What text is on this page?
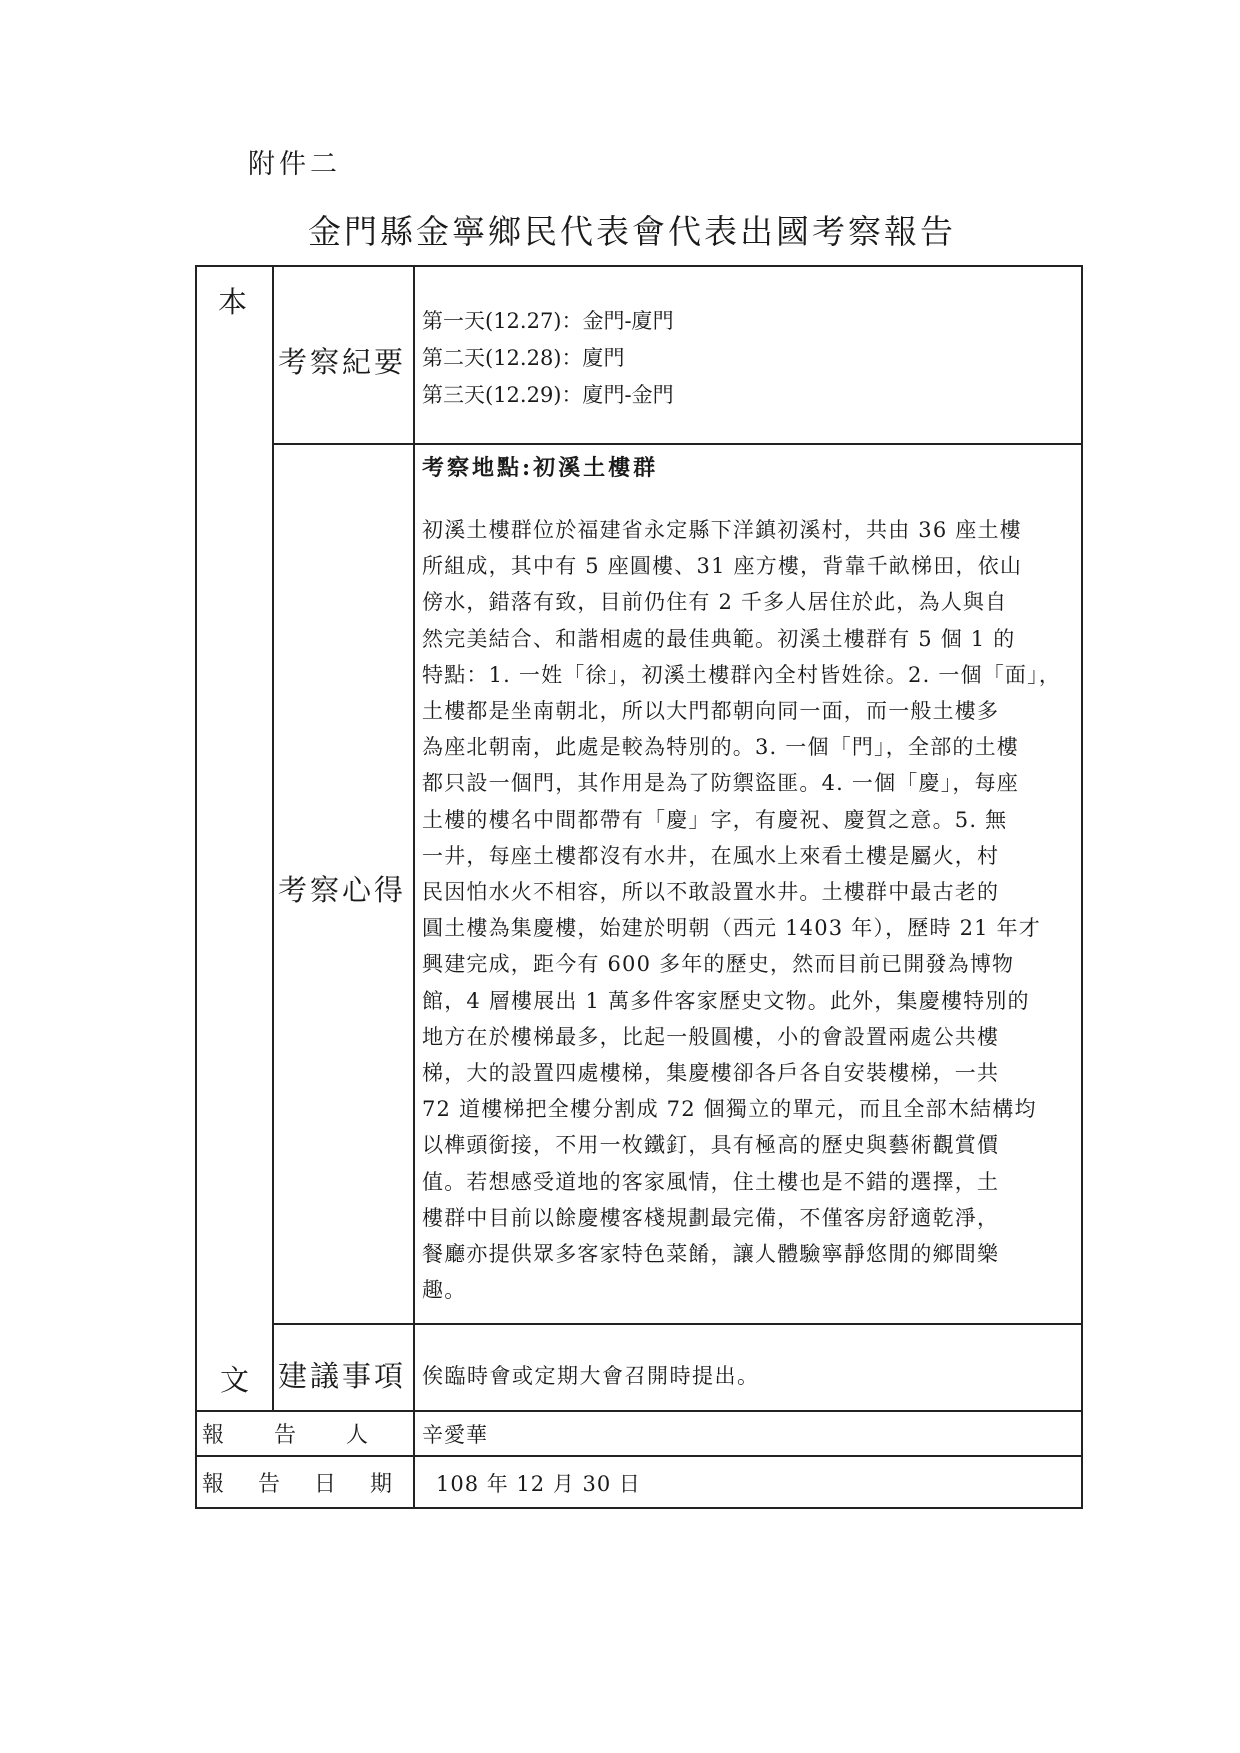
附件二
金門縣金寧鄉民代表會代表出國考察報告
本
文
考察紀要
第一天(12.27)：金門-廈門
第二天(12.28)：廈門
第三天(12.29)：廈門-金門
考察心得
考察地點:初溪土樓群
初溪土樓群位於福建省永定縣下洋鎮初溪村，共由 36 座土樓
所組成，其中有 5 座圓樓、31 座方樓，背靠千畝梯田，依山
傍水，錯落有致，目前仍住有 2 千多人居住於此，為人與自
然完美結合、和諧相處的最佳典範。初溪土樓群有 5 個 1 的
特點：1. 一姓「徐」，初溪土樓群內全村皆姓徐。2. 一個「面」，
土樓都是坐南朝北，所以大門都朝向同一面，而一般土樓多
為座北朝南，此處是較為特別的。3. 一個「門」，全部的土樓
都只設一個門，其作用是為了防禦盜匪。4. 一個「慶」，每座
土樓的樓名中間都帶有「慶」字，有慶祝、慶賀之意。5. 無
一井，每座土樓都沒有水井，在風水上來看土樓是屬火，村
民因怕水火不相容，所以不敢設置水井。土樓群中最古老的
圓土樓為集慶樓，始建於明朝（西元 1403 年），歷時 21 年才
興建完成，距今有 600 多年的歷史，然而目前已開發為博物
館，4 層樓展出 1 萬多件客家歷史文物。此外，集慶樓特別的
地方在於樓梯最多，比起一般圓樓，小的會設置兩處公共樓
梯，大的設置四處樓梯，集慶樓卻各戶各自安裝樓梯，一共
72 道樓梯把全樓分割成 72 個獨立的單元，而且全部木結構均
以榫頭銜接，不用一枚鐵釘，具有極高的歷史與藝術觀賞價
值。若想感受道地的客家風情，住土樓也是不錯的選擇，土
樓群中目前以餘慶樓客棧規劃最完備，不僅客房舒適乾淨，
餐廳亦提供眾多客家特色菜餚，讓人體驗寧靜悠閒的鄉間樂
趣。
建議事項 俟臨時會或定期大會召開時提出。
報　　告　　人 辛愛華
報　告　日　期 108 年 12 月 30 日
